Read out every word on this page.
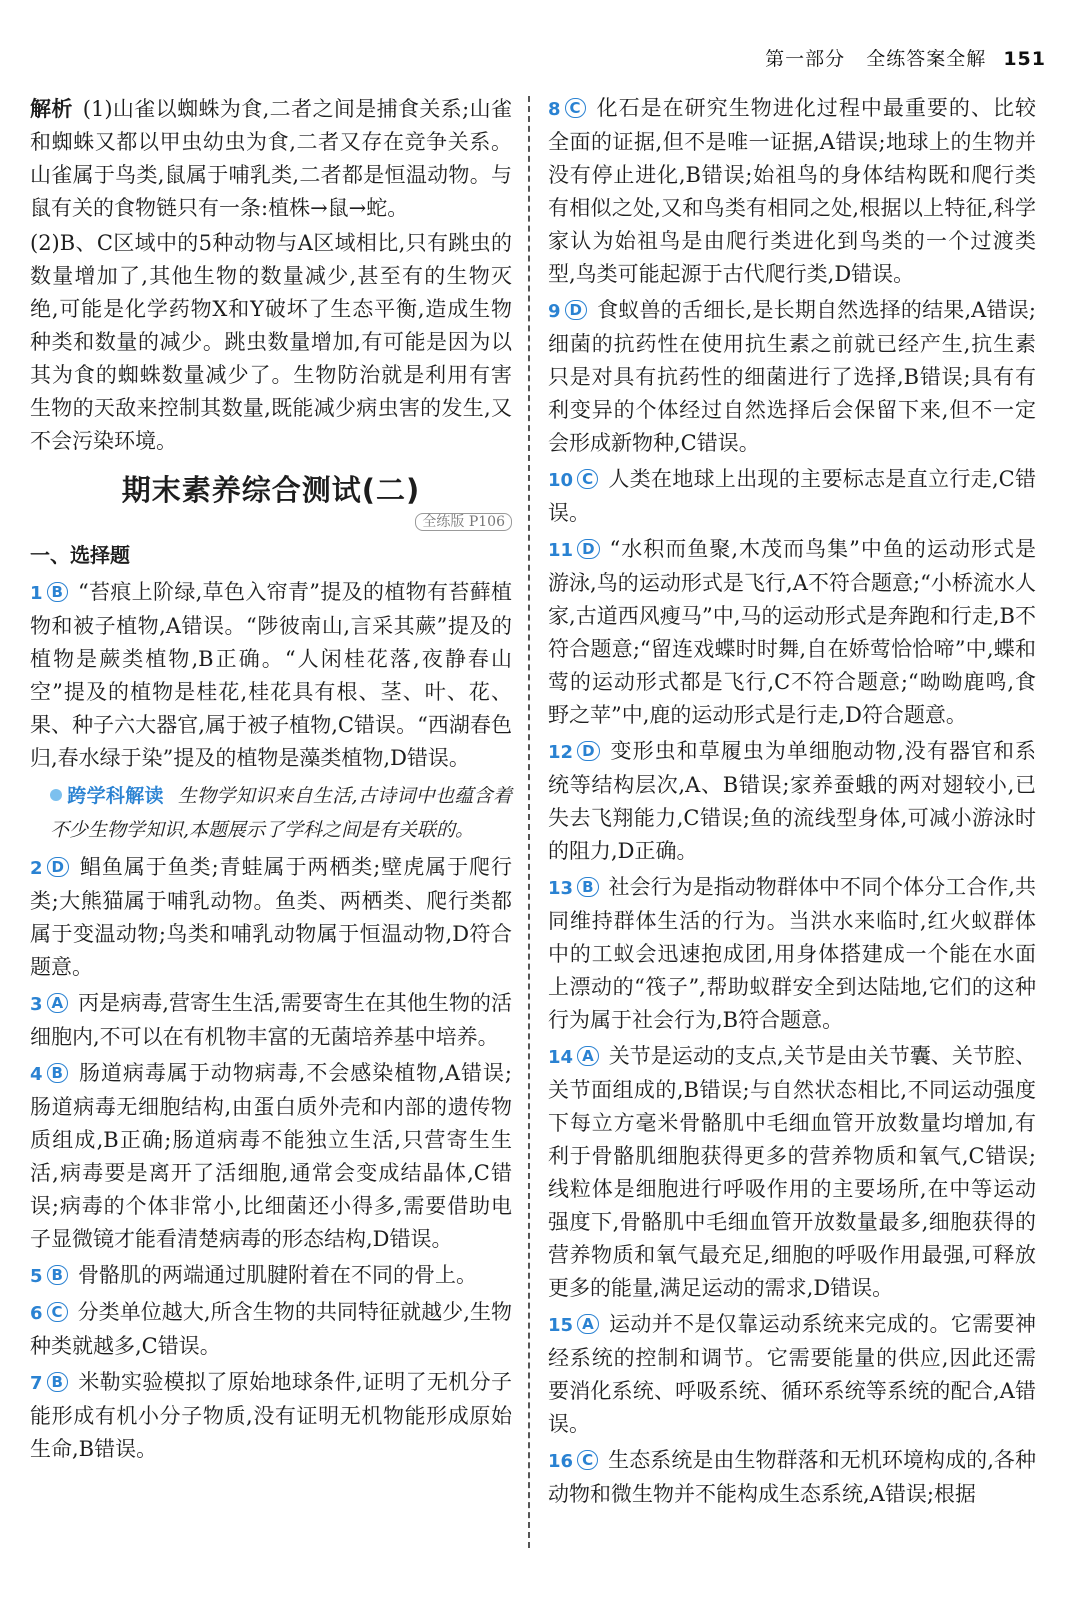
第一部分 全练答案全解 151

解析 (1)山雀以蜘蛛为食,二者之间是捕食关系;山雀和蜘蛛又都以甲虫幼虫为食,二者又存在竞争关系。山雀属于鸟类,鼠属于哺乳类,二者都是恒温动物。与鼠有关的食物链只有一条:植株→鼠→蛇。

(2)B、C区域中的5种动物与A区域相比,只有跳虫的数量增加了,其他生物的数量减少,甚至有的生物灭绝,可能是化学药物X和Y破坏了生态平衡,造成生物种类和数量的减少。跳虫数量增加,有可能是因为以其为食的蜘蛛数量减少了。生物防治就是利用有害生物的天敌来控制其数量,既能减少病虫害的发生,又不会污染环境。

期末素养综合测试(二)
全练版 P106
一、选择题

1 B “苔痕上阶绿,草色入帘青”提及的植物有苔藓植物和被子植物,A错误。“陟彼南山,言采其蕨”提及的植物是蕨类植物,B正确。“人闲桂花落,夜静春山空”提及的植物是桂花,桂花具有根、茎、叶、花、果、种子六大器官,属于被子植物,C错误。“西湖春色归,春水绿于染”提及的植物是藻类植物,D错误。

跨学科解读 生物学知识来自生活,古诗词中也蕴含着不少生物学知识,本题展示了学科之间是有关联的。

2 D 鲳鱼属于鱼类;青蛙属于两栖类;壁虎属于爬行类;大熊猫属于哺乳动物。鱼类、两栖类、爬行类都属于变温动物;鸟类和哺乳动物属于恒温动物,D符合题意。

3 A 丙是病毒,营寄生生活,需要寄生在其他生物的活细胞内,不可以在有机物丰富的无菌培养基中培养。

4 B 肠道病毒属于动物病毒,不会感染植物,A错误;肠道病毒无细胞结构,由蛋白质外壳和内部的遗传物质组成,B正确;肠道病毒不能独立生活,只营寄生生活,病毒要是离开了活细胞,通常会变成结晶体,C错误;病毒的个体非常小,比细菌还小得多,需要借助电子显微镜才能看清楚病毒的形态结构,D错误。

5 B 骨骼肌的两端通过肌腱附着在不同的骨上。

6 C 分类单位越大,所含生物的共同特征就越少,生物种类就越多,C错误。

7 B 米勒实验模拟了原始地球条件,证明了无机分子能形成有机小分子物质,没有证明无机物能形成原始生命,B错误。

8 C 化石是在研究生物进化过程中最重要的、比较全面的证据,但不是唯一证据,A错误;地球上的生物并没有停止进化,B错误;始祖鸟的身体结构既和爬行类有相似之处,又和鸟类有相同之处,根据以上特征,科学家认为始祖鸟是由爬行类进化到鸟类的一个过渡类型,鸟类可能起源于古代爬行类,D错误。

9 D 食蚁兽的舌细长,是长期自然选择的结果,A错误;细菌的抗药性在使用抗生素之前就已经产生,抗生素只是对具有抗药性的细菌进行了选择,B错误;具有有利变异的个体经过自然选择后会保留下来,但不一定会形成新物种,C错误。

10 C 人类在地球上出现的主要标志是直立行走,C错误。

11 D “水积而鱼聚,木茂而鸟集”中鱼的运动形式是游泳,鸟的运动形式是飞行,A不符合题意;“小桥流水人家,古道西风瘦马”中,马的运动形式是奔跑和行走,B不符合题意;“留连戏蝶时时舞,自在娇莺恰恰啼”中,蝶和莺的运动形式都是飞行,C不符合题意;“呦呦鹿鸣,食野之苹”中,鹿的运动形式是行走,D符合题意。

12 D 变形虫和草履虫为单细胞动物,没有器官和系统等结构层次,A、B错误;家养蚕蛾的两对翅较小,已失去飞翔能力,C错误;鱼的流线型身体,可减小游泳时的阻力,D正确。

13 B 社会行为是指动物群体中不同个体分工合作,共同维持群体生活的行为。当洪水来临时,红火蚁群体中的工蚁会迅速抱成团,用身体搭建成一个能在水面上漂动的“筏子”,帮助蚁群安全到达陆地,它们的这种行为属于社会行为,B符合题意。

14 A 关节是运动的支点,关节是由关节囊、关节腔、关节面组成的,B错误;与自然状态相比,不同运动强度下每立方毫米骨骼肌中毛细血管开放数量均增加,有利于骨骼肌细胞获得更多的营养物质和氧气,C错误;线粒体是细胞进行呼吸作用的主要场所,在中等运动强度下,骨骼肌中毛细血管开放数量最多,细胞获得的营养物质和氧气最充足,细胞的呼吸作用最强,可释放更多的能量,满足运动的需求,D错误。

15 A 运动并不是仅靠运动系统来完成的。它需要神经系统的控制和调节。它需要能量的供应,因此还需要消化系统、呼吸系统、循环系统等系统的配合,A错误。

16 C 生态系统是由生物群落和无机环境构成的,各种动物和微生物并不能构成生态系统,A错误;根据
